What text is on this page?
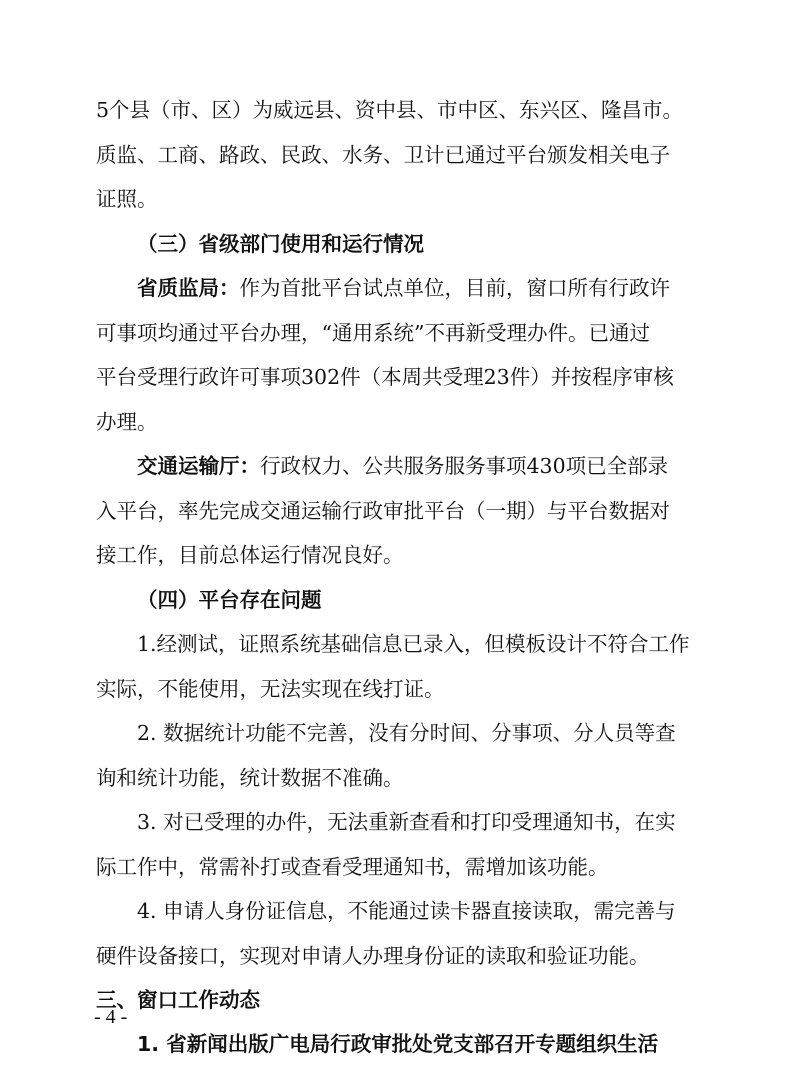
5个县（市、区）为威远县、资中县、市中区、东兴区、隆昌市。
质监、工商、路政、民政、水务、卫计已通过平台颁发相关电子
证照。
（三）省级部门使用和运行情况
省质监局：作为首批平台试点单位，目前，窗口所有行政许
可事项均通过平台办理，“通用系统”不再新受理办件。已通过
平台受理行政许可事项302件（本周共受理23件）并按程序审核
办理。
交通运输厅：行政权力、公共服务服务事项430项已全部录
入平台，率先完成交通运输行政审批平台（一期）与平台数据对
接工作，目前总体运行情况良好。
（四）平台存在问题
1.经测试，证照系统基础信息已录入，但模板设计不符合工作
实际，不能使用，无法实现在线打证。
2. 数据统计功能不完善，没有分时间、分事项、分人员等查
询和统计功能，统计数据不准确。
3. 对已受理的办件，无法重新查看和打印受理通知书，在实
际工作中，常需补打或查看受理通知书，需增加该功能。
4. 申请人身份证信息，不能通过读卡器直接读取，需完善与
硬件设备接口，实现对申请人办理身份证的读取和验证功能。
三、窗口工作动态
- 4 -
1. 省新闻出版广电局行政审批处党支部召开专题组织生活
